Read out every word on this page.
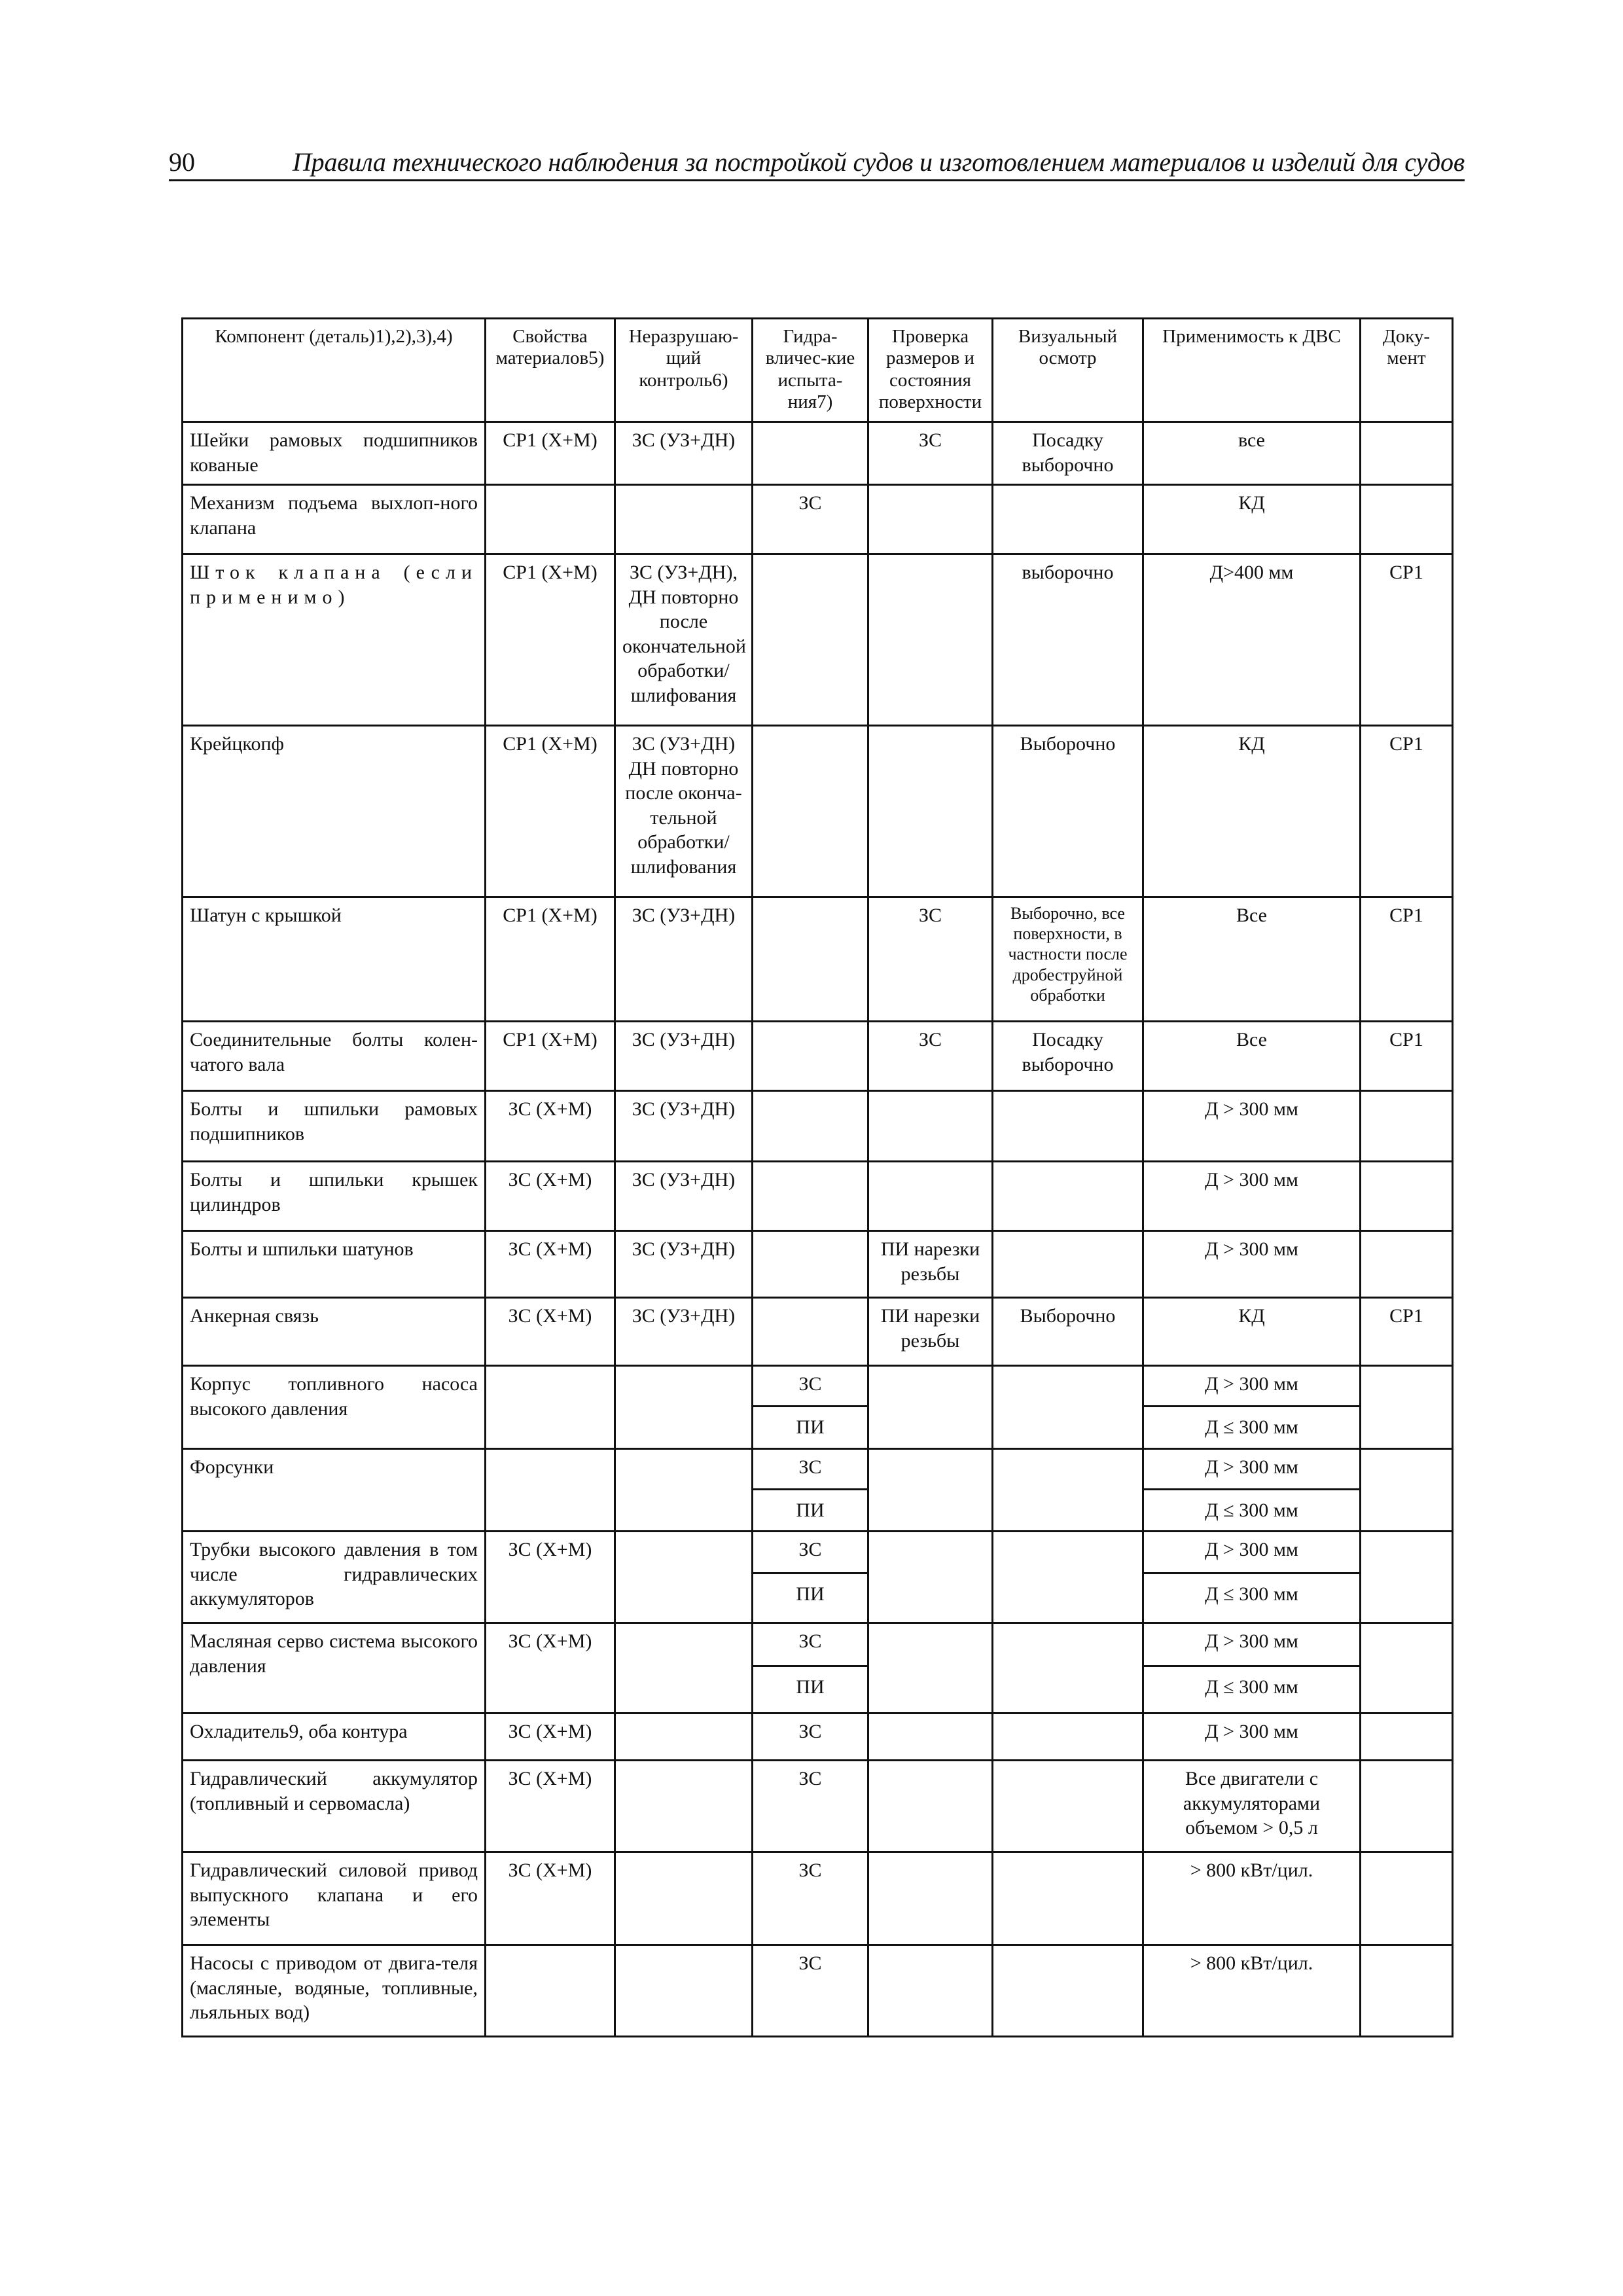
90	Правила технического наблюдения за постройкой судов и изготовлением материалов и изделий для судов
Компонент (деталь)1),2),3),4)	Свойства материалов5)	Неразрушаю-щий контроль6)	Гидра-вличес-кие испыта-ния7)	Проверка размеров и состояния поверхности	Визуальный осмотр	Применимость к ДВС	Доку-мент
Шейки рамовых подшипников кованые	СР1 (Х+М)	ЗС (УЗ+ДН)		ЗС	Посадку выборочно	все	
Механизм подъема выхлоп-ного клапана			ЗС			КД	
Шток клапана (если применимо)	СР1 (Х+М)	ЗС (УЗ+ДН), ДН повторно после окончательной обработки/ шлифования			выборочно	Д>400 мм	СР1
Крейцкопф	СР1 (Х+М)	ЗС (УЗ+ДН) ДН повторно после оконча-тельной обработки/ шлифования			Выборочно	КД	СР1
Шатун с крышкой	СР1 (Х+М)	ЗС (УЗ+ДН)		ЗС	Выборочно, все поверхности, в частности после дробеструйной обработки	Все	СР1
Соединительные болты колен-чатого вала	СР1 (Х+М)	ЗС (УЗ+ДН)		ЗС	Посадку выборочно	Все	СР1
Болты и шпильки рамовых подшипников	ЗС (Х+М)	ЗС (УЗ+ДН)				Д > 300 мм	
Болты и шпильки крышек цилиндров	ЗС (Х+М)	ЗС (УЗ+ДН)				Д > 300 мм	
Болты и шпильки шатунов	ЗС (Х+М)	ЗС (УЗ+ДН)		ПИ нарезки резьбы		Д > 300 мм	
Анкерная связь	ЗС (Х+М)	ЗС (УЗ+ДН)		ПИ нарезки резьбы	Выборочно	КД	СР1
Корпус топливного насоса высокого давления			ЗС			Д > 300 мм	
			ПИ			Д ≤ 300 мм	
Форсунки			ЗС			Д > 300 мм	
			ПИ			Д ≤ 300 мм	
Трубки высокого давления в том числе гидравлических аккумуляторов	ЗС (Х+М)		ЗС			Д > 300 мм	
			ПИ			Д ≤ 300 мм	
Масляная серво система высокого давления	ЗС (Х+М)		ЗС			Д > 300 мм	
			ПИ			Д ≤ 300 мм	
Охладитель9, оба контура	ЗС (Х+М)		ЗС			Д > 300 мм	
Гидравлический аккумулятор (топливный и сервомасла)	ЗС (Х+М)		ЗС			Все двигатели с аккумуляторами объемом > 0,5 л	
Гидравлический силовой привод выпускного клапана и его элементы	ЗС (Х+М)		ЗС			> 800 кВт/цил.	
Насосы с приводом от двига-теля (масляные, водяные, топливные, льяльных вод)			ЗС			> 800 кВт/цил.	
